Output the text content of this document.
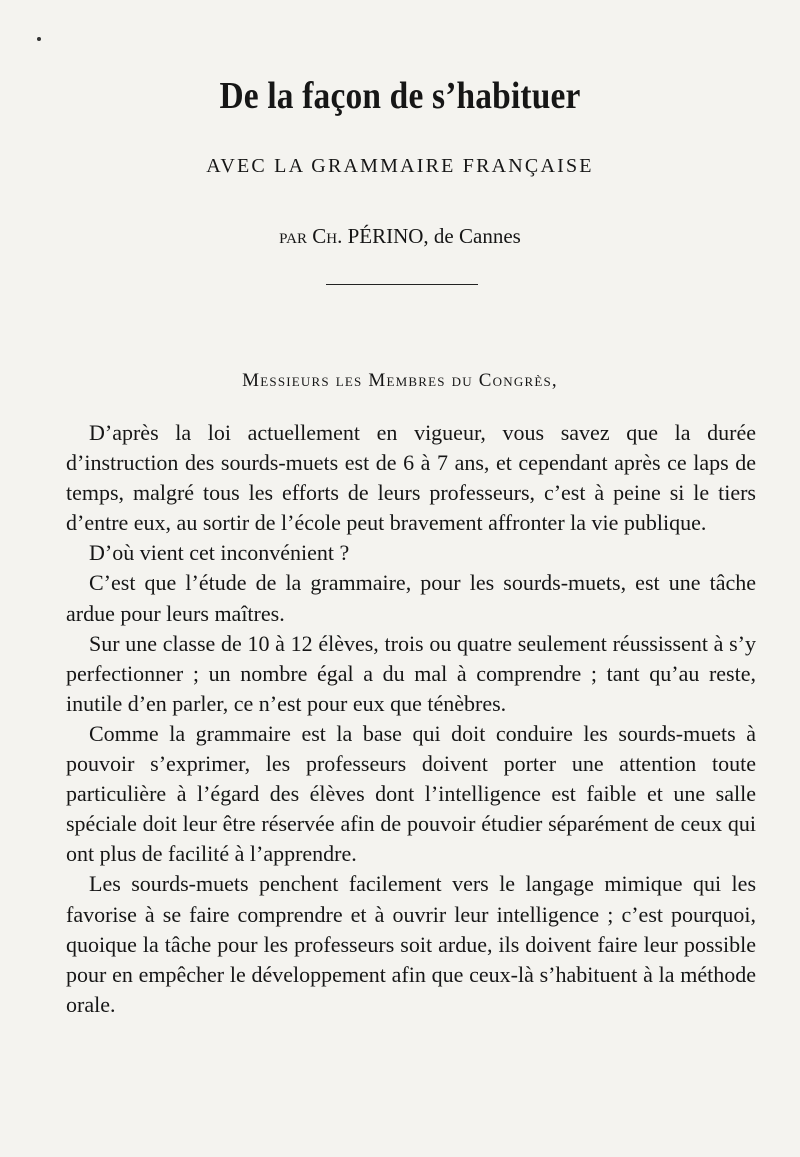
De la façon de s’habituer
AVEC LA GRAMMAIRE FRANÇAISE
par Ch. PÉRINO, de Cannes
Messieurs les Membres du Congrès,

D’après la loi actuellement en vigueur, vous savez que la durée d’instruction des sourds-muets est de 6 à 7 ans, et cependant après ce laps de temps, malgré tous les efforts de leurs professeurs, c’est à peine si le tiers d’entre eux, au sortir de l’école peut bravement affronter la vie publique.

D’où vient cet inconvénient ?

C’est que l’étude de la grammaire, pour les sourds-muets, est une tâche ardue pour leurs maîtres.

Sur une classe de 10 à 12 élèves, trois ou quatre seulement réussissent à s’y perfectionner ; un nombre égal a du mal à comprendre ; tant qu’au reste, inutile d’en parler, ce n’est pour eux que ténèbres.

Comme la grammaire est la base qui doit conduire les sourds-muets à pouvoir s’exprimer, les professeurs doivent porter une attention toute particulière à l’égard des élèves dont l’intelligence est faible et une salle spéciale doit leur être réservée afin de pouvoir étudier séparément de ceux qui ont plus de facilité à l’apprendre.

Les sourds-muets penchent facilement vers le langage mimique qui les favorise à se faire comprendre et à ouvrir leur intelligence ; c’est pourquoi, quoique la tâche pour les professeurs soit ardue, ils doivent faire leur possible pour en empêcher le développement afin que ceux-là s’habituent à la méthode orale.
